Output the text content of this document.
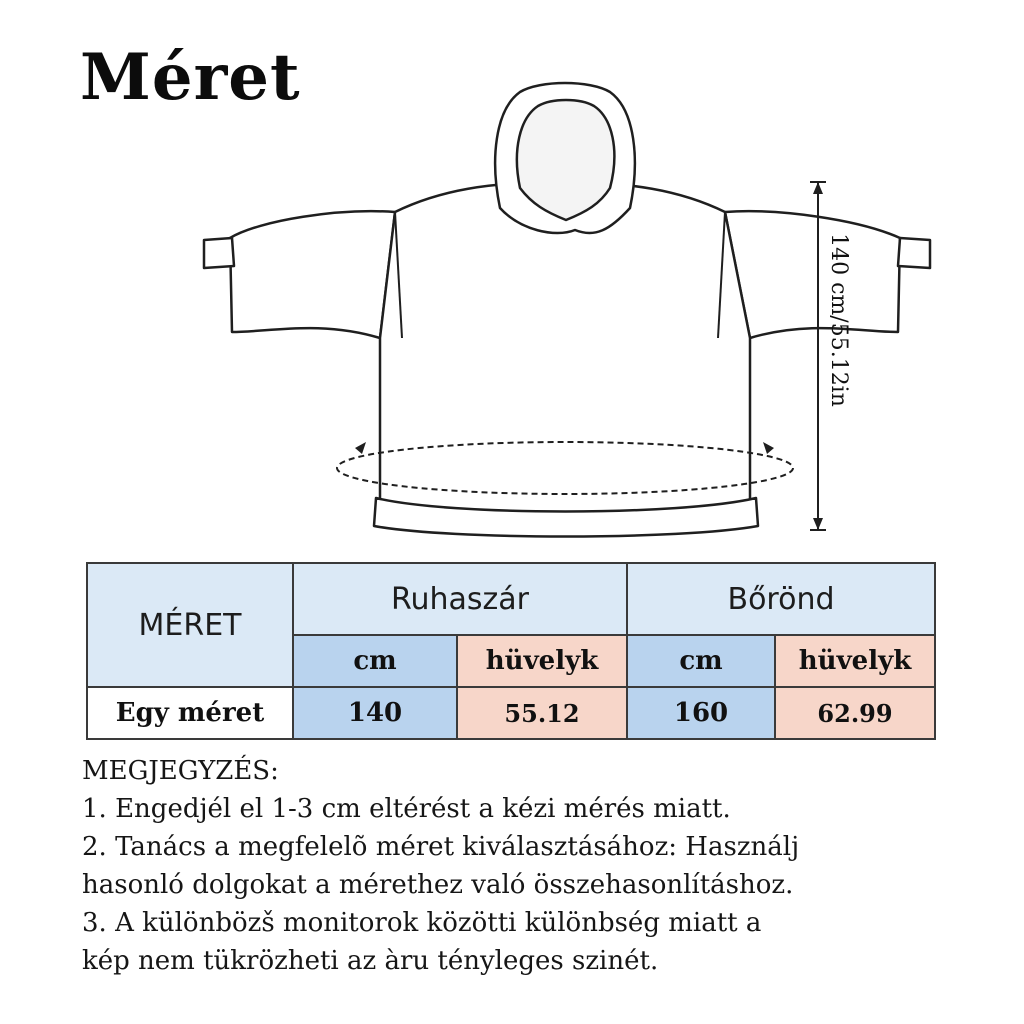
Méret
140 cm/55.12in
MÉRET	Ruhaszár		Bőrönd	
	cm	hüvelyk	cm	hüvelyk
Egy méret	140	55.12	160	62.99
MEGJEGYZÉS:
1. Engedjél el 1-3 cm eltérést a kézi mérés miatt.
2. Tanács a megfelelõ méret kiválasztásához: Használj
hasonló dolgokat a mérethez való összehasonlításhoz.
3. A különbözš monitorok közötti különbség miatt a
kép nem tükrözheti az àru tényleges szinét.
